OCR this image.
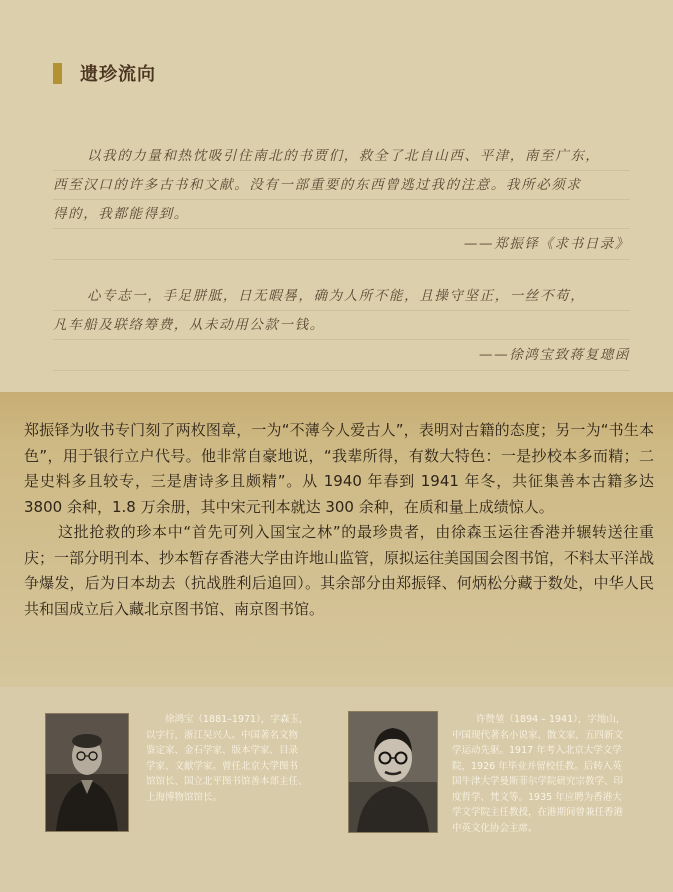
遗珍流向
以我的力量和热忱吸引住南北的书贾们，救全了北自山西、平津，南至广东，
西至汉口的许多古书和文献。没有一部重要的东西曾逃过我的注意。我所必须求
得的，我都能得到。
——郑振铎《求书日录》
心专志一，手足胼胝，日无暇晷，确为人所不能，且操守坚正，一丝不苟，
凡车船及联络筹费，从未动用公款一钱。
——徐鸿宝致蒋复璁函

郑振铎为收书专门刻了两枚图章，一为“不薄今人爱古人”，表明对古籍的态度；另一为“书生本色”，用于银行立户代号。他非常自豪地说，“我辈所得，有数大特色：一是抄校本多而精；二是史料多且较专，三是唐诗多且颇精”。从 1940 年春到 1941 年冬，共征集善本古籍多达 3800 余种，1.8 万余册，其中宋元刊本就达 300 余种，在质和量上成绩惊人。

这批抢救的珍本中“首先可列入国宝之林”的最珍贵者，由徐森玉运往香港并辗转送往重庆；一部分明刊本、抄本暂存香港大学由许地山监管，原拟运往美国国会图书馆，不料太平洋战争爆发，后为日本劫去（抗战胜利后追回）。其余部分由郑振铎、何炳松分藏于数处，中华人民共和国成立后入藏北京图书馆、南京图书馆。

徐鸿宝（1881–1971），字森玉，
以字行，浙江吴兴人。中国著名文物
鉴定家、金石学家、版本学家、目录
学家、文献学家。曾任北京大学图书
馆馆长、国立北平图书馆善本部主任、
上海博物馆馆长。
许赞堃（1894 – 1941），字地山，
中国现代著名小说家、散文家，五四新文
学运动先驱。1917 年考入北京大学文学
院，1926 年毕业并留校任教。后转入英
国牛津大学曼斯菲尔学院研究宗教学、印
度哲学、梵文等。1935 年应聘为香港大
学文学院主任教授，在港期间曾兼任香港
中英文化协会主席。
